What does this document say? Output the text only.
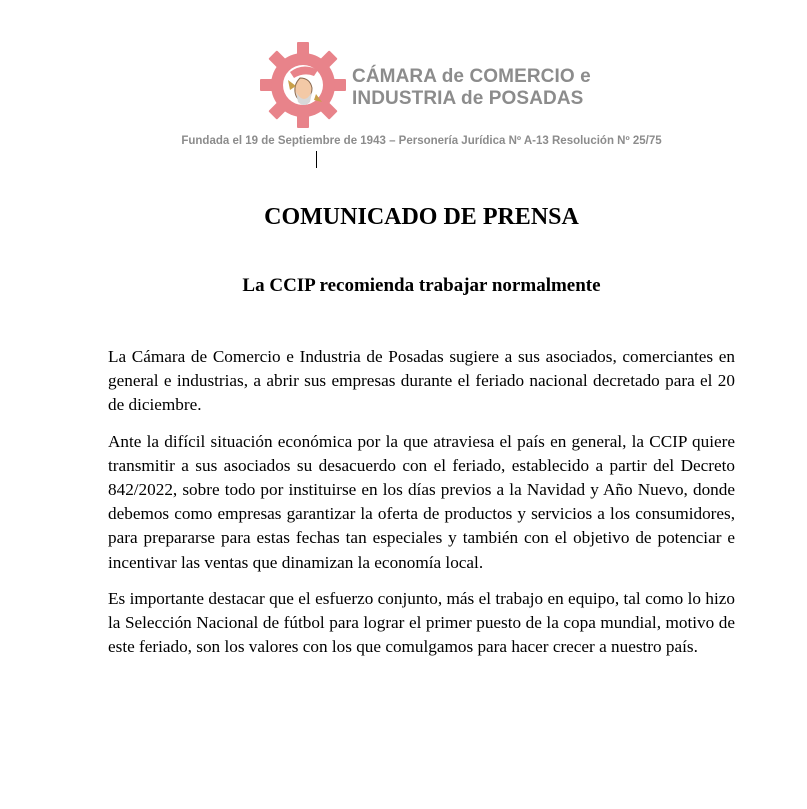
CÁMARA de COMERCIO e
INDUSTRIA de POSADAS
Fundada el 19 de Septiembre de 1943 – Personería Jurídica Nº A-13 Resolución Nº 25/75
COMUNICADO DE PRENSA
La CCIP recomienda trabajar normalmente

La Cámara de Comercio e Industria de Posadas sugiere a sus asociados, comerciantes en general e industrias, a abrir sus empresas durante el feriado nacional decretado para el 20 de diciembre.

Ante la difícil situación económica por la que atraviesa el país en general, la CCIP quiere transmitir a sus asociados su desacuerdo con el feriado, establecido a partir del Decreto 842/2022, sobre todo por instituirse en los días previos a la Navidad y Año Nuevo, donde debemos como empresas garantizar la oferta de productos y servicios a los consumidores, para prepararse para estas fechas tan especiales y también con el objetivo de potenciar e incentivar las ventas que dinamizan la economía local.

Es importante destacar que el esfuerzo conjunto, más el trabajo en equipo, tal como lo hizo la Selección Nacional de fútbol para lograr el primer puesto de la copa mundial, motivo de este feriado, son los valores con los que comulgamos para hacer crecer a nuestro país.
